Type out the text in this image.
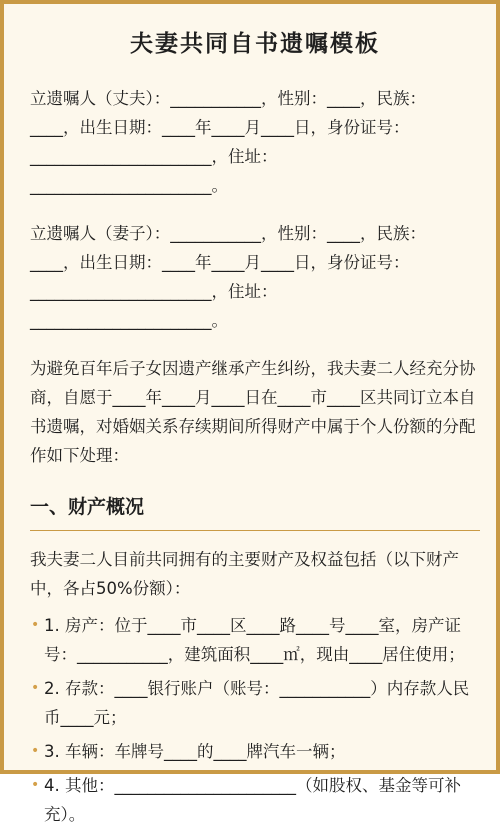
夫妻共同自书遗嘱模板
立遗嘱人（丈夫）：___________，性别：____，民族：
____，出生日期：____年____月____日，身份证号：
______________________，住址：
______________________。
立遗嘱人（妻子）：___________，性别：____，民族：
____，出生日期：____年____月____日，身份证号：
______________________，住址：
______________________。
为避免百年后子女因遗产继承产生纠纷，我夫妻二人经充分协商，自愿于____年____月____日在____市____区共同订立本自书遗嘱，对婚姻关系存续期间所得财产中属于个人份额的分配作如下处理：
一、财产概况
我夫妻二人目前共同拥有的主要财产及权益包括（以下财产中，各占50%份额）：
• 1. 房产：位于____市____区____路____号____室，房产证号：___________，建筑面积____㎡，现由____居住使用；
• 2. 存款：____银行账户（账号：___________）内存款人民币____元；
• 3. 车辆：车牌号____的____牌汽车一辆；
• 4. 其他：______________________（如股权、基金等可补充）。
